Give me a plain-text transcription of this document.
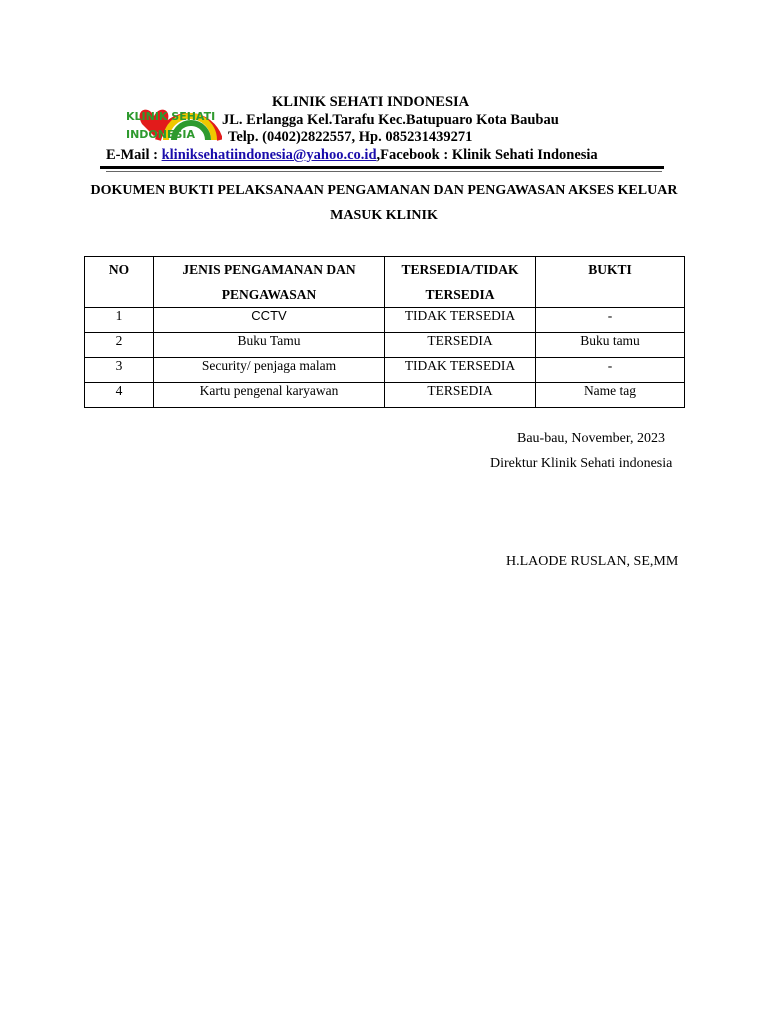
KLINIK SEHATI
INDONESIA
KLINIK SEHATI INDONESIA
JL. Erlangga Kel.Tarafu Kec.Batupuaro Kota Baubau
Telp. (0402)2822557, Hp. 085231439271
E-Mail : kliniksehatiindonesia@yahoo.co.id,Facebook : Klinik Sehati Indonesia
DOKUMEN BUKTI PELAKSANAAN PENGAMANAN DAN PENGAWASAN AKSES KELUAR
MASUK KLINIK
NO	JENIS PENGAMANAN DAN PENGAWASAN	TERSEDIA/TIDAK TERSEDIA	BUKTI
1	CCTV	TIDAK TERSEDIA	-
2	Buku Tamu	TERSEDIA	Buku tamu
3	Security/ penjaga malam	TIDAK TERSEDIA	-
4	Kartu pengenal karyawan	TERSEDIA	Name tag
Bau-bau, November, 2023
Direktur Klinik Sehati indonesia
H.LAODE RUSLAN, SE,MM
